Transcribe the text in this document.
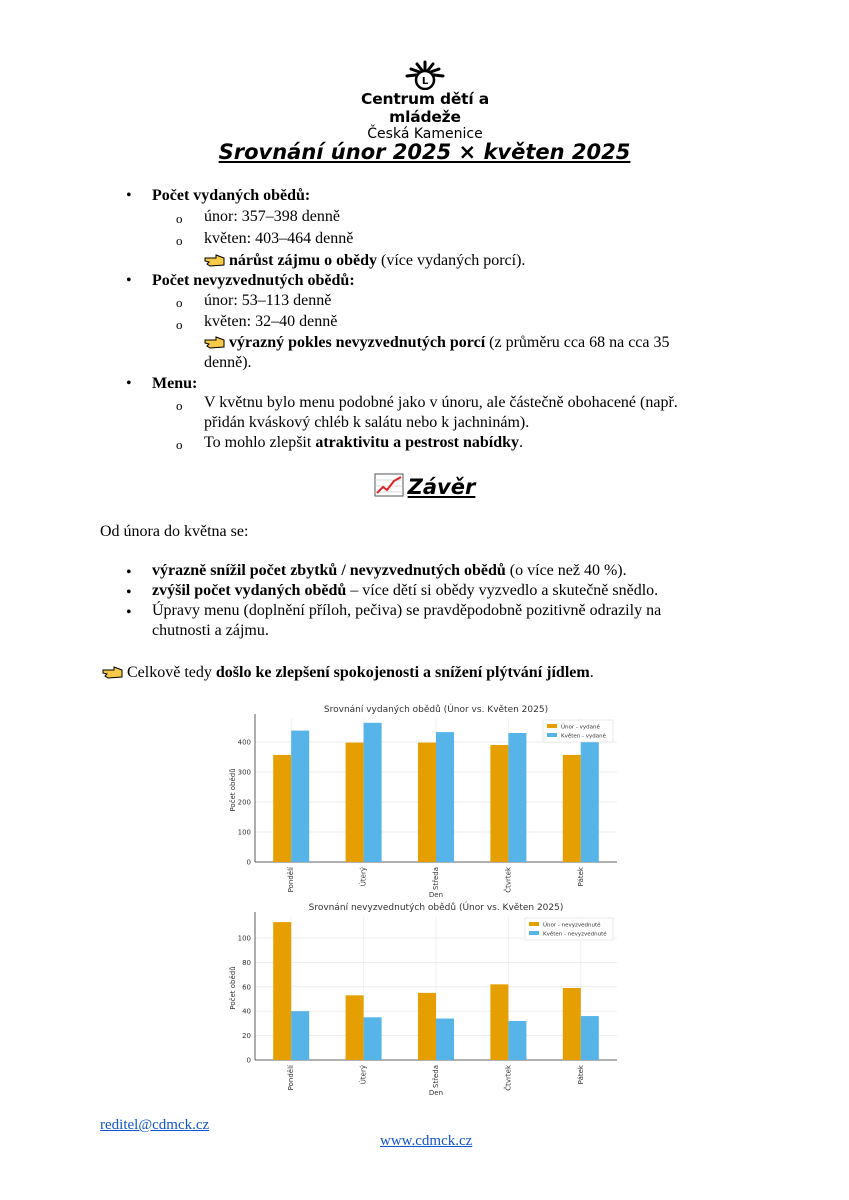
L
Centrum dětí a mládeže
Česká Kamenice
Srovnání únor 2025 × květen 2025
• Počet vydaných obědů:
o únor: 357–398 denně
o květen: 403–464 denně
nárůst zájmu o obědy (více vydaných porcí).
• Počet nevyzvednutých obědů:
o únor: 53–113 denně
o květen: 32–40 denně
výrazný pokles nevyzvednutých porcí (z průměru cca 68 na cca 35
denně).
• Menu:
o V květnu bylo menu podobné jako v únoru, ale částečně obohacené (např.
přidán kváskový chléb k salátu nebo k jachninám).
o To mohlo zlepšit atraktivitu a pestrost nabídky.
Závěr
Od února do května se:
• výrazně snížil počet zbytků / nevyzvednutých obědů (o více než 40 %).
• zvýšil počet vydaných obědů – více dětí si obědy vyzvedlo a skutečně snědlo.
• Úpravy menu (doplnění příloh, pečiva) se pravděpodobně pozitivně odrazily na
chutnosti a zájmu.
Celkově tedy došlo ke zlepšení spokojenosti a snížení plýtvání jídlem.
Srovnání vydaných obědů (Únor vs. Květen 2025)
0
100
200
300
400
Pondělí	Úterý	Středa	Čtvrtek	Pátek
Den
Počet obědů
Únor - vydané
Květen - vydané
Srovnání nevyzvednutých obědů (Únor vs. Květen 2025)
0
20
40
60
80
100
Pondělí	Úterý	Středa	Čtvrtek	Pátek
Den
Počet obědů
Únor - nevyzvednuté
Květen - nevyzvednuté
reditel@cdmck.cz
www.cdmck.cz
